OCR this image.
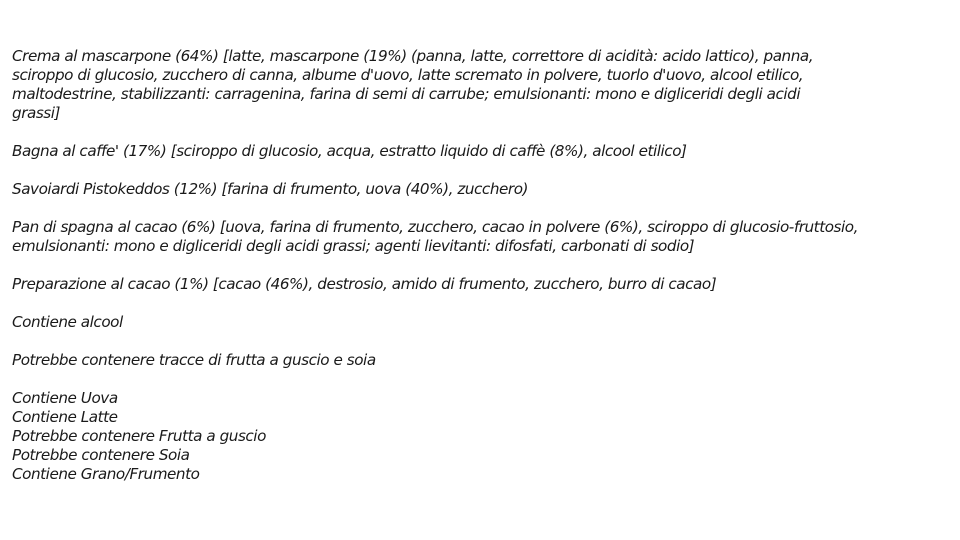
Crema al mascarpone (64%) [latte, mascarpone (19%) (panna, latte, correttore di acidità: acido lattico), panna,
sciroppo di glucosio, zucchero di canna, albume d'uovo, latte scremato in polvere, tuorlo d'uovo, alcool etilico,
maltodestrine, stabilizzanti: carragenina, farina di semi di carrube; emulsionanti: mono e digliceridi degli acidi
grassi]

Bagna al caffe' (17%) [sciroppo di glucosio, acqua, estratto liquido di caffè (8%), alcool etilico]

Savoiardi Pistokeddos (12%) [farina di frumento, uova (40%), zucchero)

Pan di spagna al cacao (6%) [uova, farina di frumento, zucchero, cacao in polvere (6%), sciroppo di glucosio-fruttosio,
emulsionanti: mono e digliceridi degli acidi grassi; agenti lievitanti: difosfati, carbonati di sodio]

Preparazione al cacao (1%) [cacao (46%), destrosio, amido di frumento, zucchero, burro di cacao]

Contiene alcool

Potrebbe contenere tracce di frutta a guscio e soia

Contiene Uova
Contiene Latte
Potrebbe contenere Frutta a guscio
Potrebbe contenere Soia
Contiene Grano/Frumento
